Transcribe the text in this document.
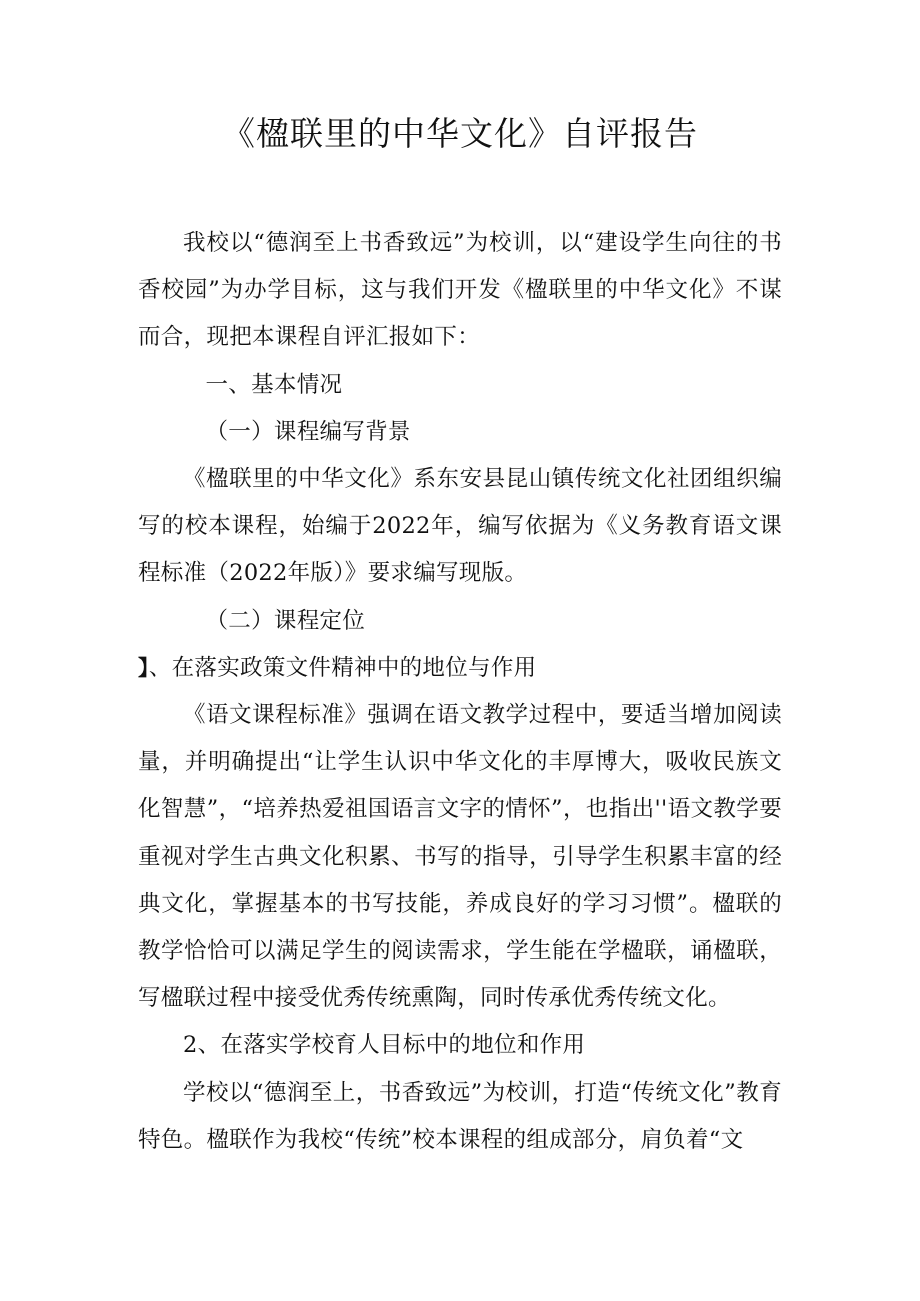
《楹联里的中华文化》自评报告

我校以“德润至上书香致远”为校训，以“建设学生向往的书香校园”为办学目标，这与我们开发《楹联里的中华文化》不谋而合，现把本课程自评汇报如下：

一、基本情况

（一）课程编写背景

《楹联里的中华文化》系东安县昆山镇传统文化社团组织编写的校本课程，始编于2022年，编写依据为《义务教育语文课程标准（2022年版）》要求编写现版。

（二）课程定位

】、在落实政策文件精神中的地位与作用

《语文课程标准》强调在语文教学过程中，要适当增加阅读量，并明确提出“让学生认识中华文化的丰厚博大，吸收民族文化智慧”，“培养热爱祖国语言文字的情怀”，也指出''语文教学要重视对学生古典文化积累、书写的指导，引导学生积累丰富的经典文化，掌握基本的书写技能，养成良好的学习习惯”。楹联的教学恰恰可以满足学生的阅读需求，学生能在学楹联，诵楹联，写楹联过程中接受优秀传统熏陶，同时传承优秀传统文化。

2、在落实学校育人目标中的地位和作用

学校以“德润至上，书香致远”为校训，打造“传统文化”教育特色。楹联作为我校“传统”校本课程的组成部分，肩负着“文
